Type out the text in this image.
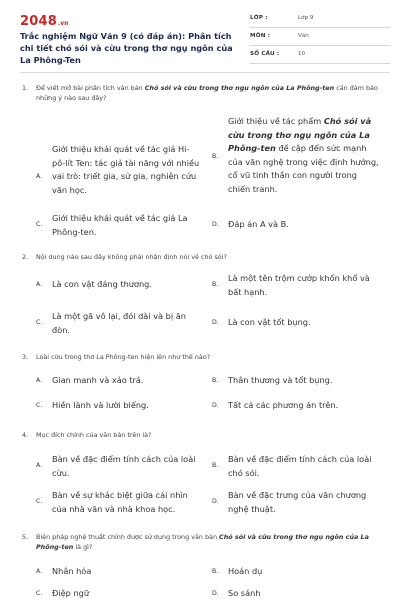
2048.vn
Trắc nghiệm Ngữ Văn 9 (có đáp án): Phân tích chi tiết chó sói và cừu trong thơ ngụ ngôn của La Phông-Ten
LỚP :	Lớp 9
MÔN :	Văn
SỐ CÂU :	10
1. Để viết mở bài phân tích văn bản Chó sói và cừu trong thơ ngụ ngôn của La Phông-ten cần đảm bảo những ý nào sau đây?
A.
Giới thiệu khái quát về tác giả Hi-pô-lít Ten: tác giả tài năng với nhiều vai trò: triết gia, sử gia, nghiên cứu văn học.
B.
Giới thiệu về tác phẩm Chó sói và cừu trong thơ ngụ ngôn của La Phông-ten đề cập đến sức mạnh của văn nghệ trong việc định hướng, cổ vũ tinh thần con người trong chiến tranh.
C.
Giới thiệu khái quát về tác giả La Phông-ten.
D. Đáp án A và B.
2. Nội dung nào sau đây không phải nhận định nói về chó sói?
A. Là con vật đáng thương.	B.
Là một tên trộm cướp khốn khổ và bất hạnh.
C.
Là một gã vô lại, đói dài và bị ăn đòn.
D. Là con vật tốt bụng.
3. Loài cừu trong thơ La Phông-ten hiện lên như thế nào?
A. Gian manh và xảo trá.	B. Thân thương và tốt bụng.
C. Hiền lành và lười biếng.	D. Tất cả các phương án trên.
4. Mục đích chính của văn bản trên là?
A.
Bàn về đặc điểm tính cách của loài cừu.
B.
Bàn về đặc điểm tính cách của loài chó sói.
C.
Bàn về sự khác biệt giữa cái nhìn của nhà văn và nhà khoa học.
D.
Bàn về đặc trưng của văn chương nghệ thuật.
5. Biện pháp nghệ thuật chính được sử dụng trong văn bản Chó sói và cừu trong thơ ngụ ngôn của La Phông-ten là gì?
A. Nhân hóa	B. Hoán dụ
C. Điệp ngữ	D. So sánh
